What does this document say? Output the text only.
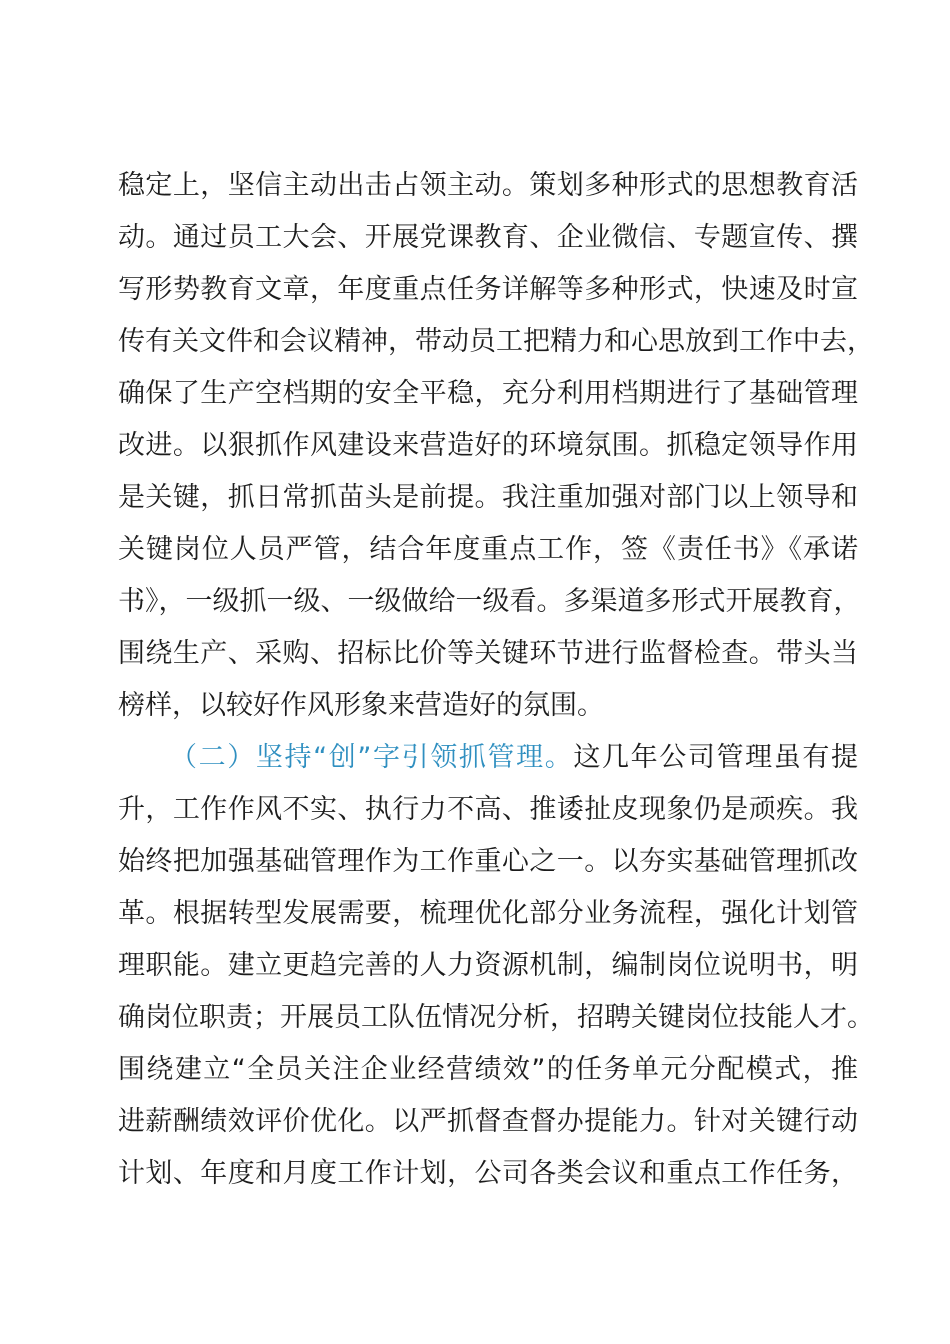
稳定上，坚信主动出击占领主动。策划多种形式的思想教育活
动。通过员工大会、开展党课教育、企业微信、专题宣传、撰
写形势教育文章，年度重点任务详解等多种形式，快速及时宣
传有关文件和会议精神，带动员工把精力和心思放到工作中去，
确保了生产空档期的安全平稳，充分利用档期进行了基础管理
改进。以狠抓作风建设来营造好的环境氛围。抓稳定领导作用
是关键，抓日常抓苗头是前提。我注重加强对部门以上领导和
关键岗位人员严管，结合年度重点工作，签《责任书》《承诺
书》，一级抓一级、一级做给一级看。多渠道多形式开展教育，
围绕生产、采购、招标比价等关键环节进行监督检查。带头当
榜样，以较好作风形象来营造好的氛围。
（二）坚持“创”字引领抓管理。这几年公司管理虽有提
升，工作作风不实、执行力不高、推诿扯皮现象仍是顽疾。我
始终把加强基础管理作为工作重心之一。以夯实基础管理抓改
革。根据转型发展需要，梳理优化部分业务流程，强化计划管
理职能。建立更趋完善的人力资源机制，编制岗位说明书，明
确岗位职责；开展员工队伍情况分析，招聘关键岗位技能人才。
围绕建立“全员关注企业经营绩效”的任务单元分配模式，推
进薪酬绩效评价优化。以严抓督查督办提能力。针对关键行动
计划、年度和月度工作计划，公司各类会议和重点工作任务，
